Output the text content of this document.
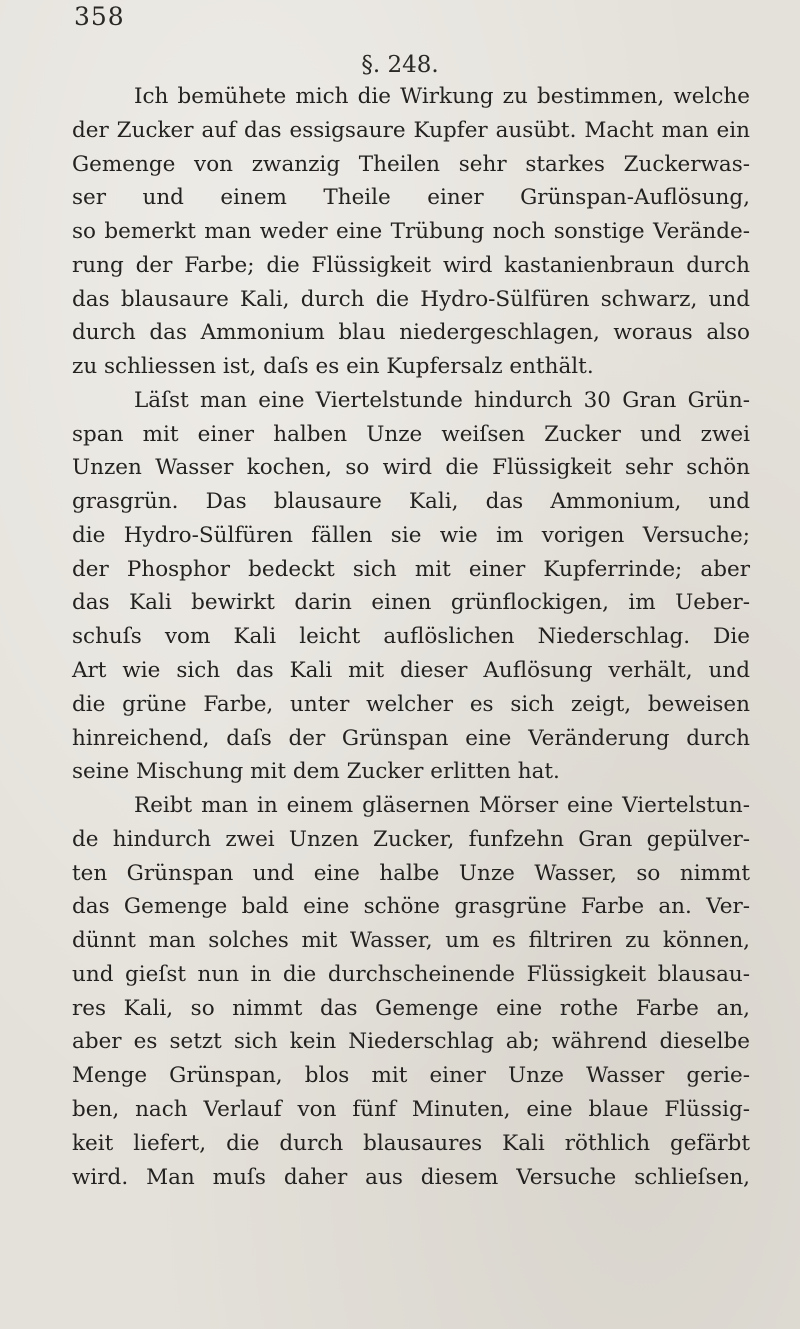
358
§. 248.
Ich bemühete mich die Wirkung zu bestimmen, welche
der Zucker auf das essigsaure Kupfer ausübt. Macht man ein
Gemenge von zwanzig Theilen sehr starkes Zuckerwas-
ser und einem Theile einer Grünspan-Auflösung,
so bemerkt man weder eine Trübung noch sonstige Verände-
rung der Farbe; die Flüssigkeit wird kastanienbraun durch
das blausaure Kali, durch die Hydro-Sülfüren schwarz, und
durch das Ammonium blau niedergeschlagen, woraus also
zu schliessen ist, daſs es ein Kupfersalz enthält.
Läſst man eine Viertelstunde hindurch 30 Gran Grün-
span mit einer halben Unze weiſsen Zucker und zwei
Unzen Wasser kochen, so wird die Flüssigkeit sehr schön
grasgrün. Das blausaure Kali, das Ammonium, und
die Hydro-Sülfüren fällen sie wie im vorigen Versuche;
der Phosphor bedeckt sich mit einer Kupferrinde; aber
das Kali bewirkt darin einen grünflockigen, im Ueber-
schuſs vom Kali leicht auflöslichen Niederschlag. Die
Art wie sich das Kali mit dieser Auflösung verhält, und
die grüne Farbe, unter welcher es sich zeigt, beweisen
hinreichend, daſs der Grünspan eine Veränderung durch
seine Mischung mit dem Zucker erlitten hat.
Reibt man in einem gläsernen Mörser eine Viertelstun-
de hindurch zwei Unzen Zucker, funfzehn Gran gepülver-
ten Grünspan und eine halbe Unze Wasser, so nimmt
das Gemenge bald eine schöne grasgrüne Farbe an. Ver-
dünnt man solches mit Wasser, um es filtriren zu können,
und gieſst nun in die durchscheinende Flüssigkeit blausau-
res Kali, so nimmt das Gemenge eine rothe Farbe an,
aber es setzt sich kein Niederschlag ab; während dieselbe
Menge Grünspan, blos mit einer Unze Wasser gerie-
ben, nach Verlauf von fünf Minuten, eine blaue Flüssig-
keit liefert, die durch blausaures Kali röthlich gefärbt
wird. Man muſs daher aus diesem Versuche schlieſsen,
